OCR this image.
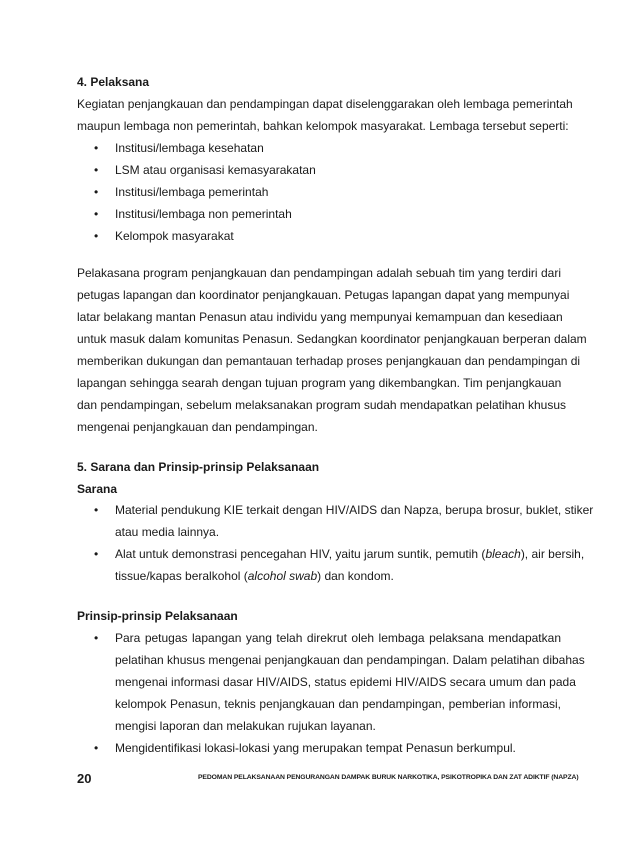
4. Pelaksana
Kegiatan penjangkauan dan pendampingan dapat diselenggarakan oleh lembaga pemerintah
maupun lembaga non pemerintah, bahkan kelompok masyarakat. Lembaga tersebut seperti:
• Institusi/lembaga kesehatan
• LSM atau organisasi kemasyarakatan
• Institusi/lembaga pemerintah
• Institusi/lembaga non pemerintah
• Kelompok masyarakat
Pelakasana program penjangkauan dan pendampingan adalah sebuah tim yang terdiri dari
petugas lapangan dan koordinator penjangkauan. Petugas lapangan dapat yang mempunyai
latar belakang mantan Penasun atau individu yang mempunyai kemampuan dan kesediaan
untuk masuk dalam komunitas Penasun. Sedangkan koordinator penjangkauan berperan dalam
memberikan dukungan dan pemantauan terhadap proses penjangkauan dan pendampingan di
lapangan sehingga searah dengan tujuan program yang dikembangkan. Tim penjangkauan
dan pendampingan, sebelum melaksanakan program sudah mendapatkan pelatihan khusus
mengenai penjangkauan dan pendampingan.
5. Sarana dan Prinsip-prinsip Pelaksanaan
Sarana
• Material pendukung KIE terkait dengan HIV/AIDS dan Napza, berupa brosur, buklet, stiker
atau media lainnya.
• Alat untuk demonstrasi pencegahan HIV, yaitu jarum suntik, pemutih (bleach), air bersih,
tissue/kapas beralkohol (alcohol swab) dan kondom.
Prinsip-prinsip Pelaksanaan
• Para petugas lapangan yang telah direkrut oleh lembaga pelaksana mendapatkan
pelatihan khusus mengenai penjangkauan dan pendampingan. Dalam pelatihan dibahas
mengenai informasi dasar HIV/AIDS, status epidemi HIV/AIDS secara umum dan pada
kelompok Penasun, teknis penjangkauan dan pendampingan, pemberian informasi,
mengisi laporan dan melakukan rujukan layanan.
• Mengidentifikasi lokasi-lokasi yang merupakan tempat Penasun berkumpul.
20	PEDOMAN PELAKSANAAN PENGURANGAN DAMPAK BURUK NARKOTIKA, PSIKOTROPIKA DAN ZAT ADIKTIF (NAPZA)
